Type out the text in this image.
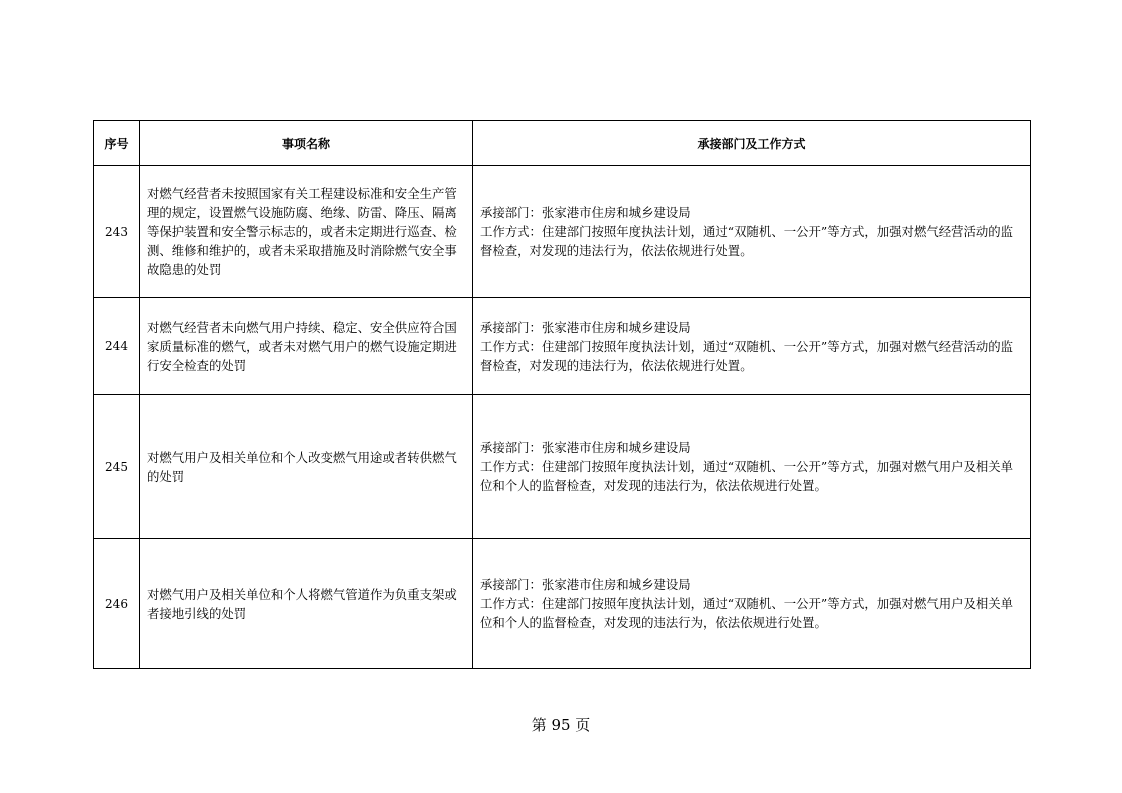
序号	事项名称	承接部门及工作方式
243	对燃气经营者未按照国家有关工程建设标准和安全生产管理的规定，设置燃气设施防腐、绝缘、防雷、降压、隔离等保护装置和安全警示标志的，或者未定期进行巡查、检测、维修和维护的，或者未采取措施及时消除燃气安全事故隐患的处罚	承接部门：张家港市住房和城乡建设局
工作方式：住建部门按照年度执法计划，通过“双随机、一公开”等方式，加强对燃气经营活动的监督检查，对发现的违法行为，依法依规进行处置。

244	对燃气经营者未向燃气用户持续、稳定、安全供应符合国家质量标准的燃气，或者未对燃气用户的燃气设施定期进行安全检查的处罚	承接部门：张家港市住房和城乡建设局
工作方式：住建部门按照年度执法计划，通过“双随机、一公开”等方式，加强对燃气经营活动的监督检查，对发现的违法行为，依法依规进行处置。

245	对燃气用户及相关单位和个人改变燃气用途或者转供燃气的处罚	承接部门：张家港市住房和城乡建设局
工作方式：住建部门按照年度执法计划，通过“双随机、一公开”等方式，加强对燃气用户及相关单位和个人的监督检查，对发现的违法行为，依法依规进行处置。

246	对燃气用户及相关单位和个人将燃气管道作为负重支架或者接地引线的处罚	承接部门：张家港市住房和城乡建设局
工作方式：住建部门按照年度执法计划，通过“双随机、一公开”等方式，加强对燃气用户及相关单位和个人的监督检查，对发现的违法行为，依法依规进行处置。
第 95 页
